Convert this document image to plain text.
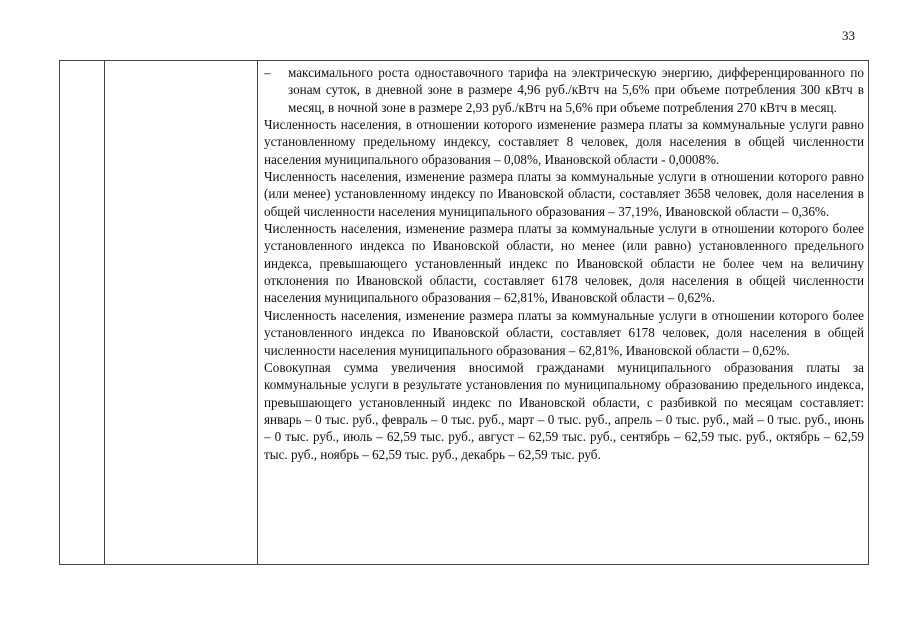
33
– максимального роста одноставочного тарифа на электрическую энергию, дифференцированного по зонам суток, в дневной зоне в размере 4,96 руб./кВтч на 5,6% при объеме потребления 300 кВтч в месяц, в ночной зоне в размере 2,93 руб./кВтч на 5,6% при объеме потребления 270 кВтч в месяц.

Численность населения, в отношении которого изменение размера платы за коммунальные услуги равно установленному предельному индексу, составляет 8 человек, доля населения в общей численности населения муниципального образования – 0,08%, Ивановской области - 0,0008%.

Численность населения, изменение размера платы за коммунальные услуги в отношении которого равно (или менее) установленному индексу по Ивановской области, составляет 3658 человек, доля населения в общей численности населения муниципального образования – 37,19%, Ивановской области – 0,36%.

Численность населения, изменение размера платы за коммунальные услуги в отношении которого более установленного индекса по Ивановской области, но менее (или равно) установленного предельного индекса, превышающего установленный индекс по Ивановской области не более чем на величину отклонения по Ивановской области, составляет 6178 человек, доля населения в общей численности населения муниципального образования – 62,81%, Ивановской области – 0,62%.

Численность населения, изменение размера платы за коммунальные услуги в отношении которого более установленного индекса по Ивановской области, составляет 6178 человек, доля населения в общей численности населения муниципального образования – 62,81%, Ивановской области – 0,62%.

Совокупная сумма увеличения вносимой гражданами муниципального образования платы за коммунальные услуги в результате установления по муниципальному образованию предельного индекса, превышающего установленный индекс по Ивановской области, с разбивкой по месяцам составляет: январь – 0 тыс. руб., февраль – 0 тыс. руб., март – 0 тыс. руб., апрель – 0 тыс. руб., май – 0 тыс. руб., июнь – 0 тыс. руб., июль – 62,59 тыс. руб., август – 62,59 тыс. руб., сентябрь – 62,59 тыс. руб., октябрь – 62,59 тыс. руб., ноябрь – 62,59 тыс. руб., декабрь – 62,59 тыс. руб.
